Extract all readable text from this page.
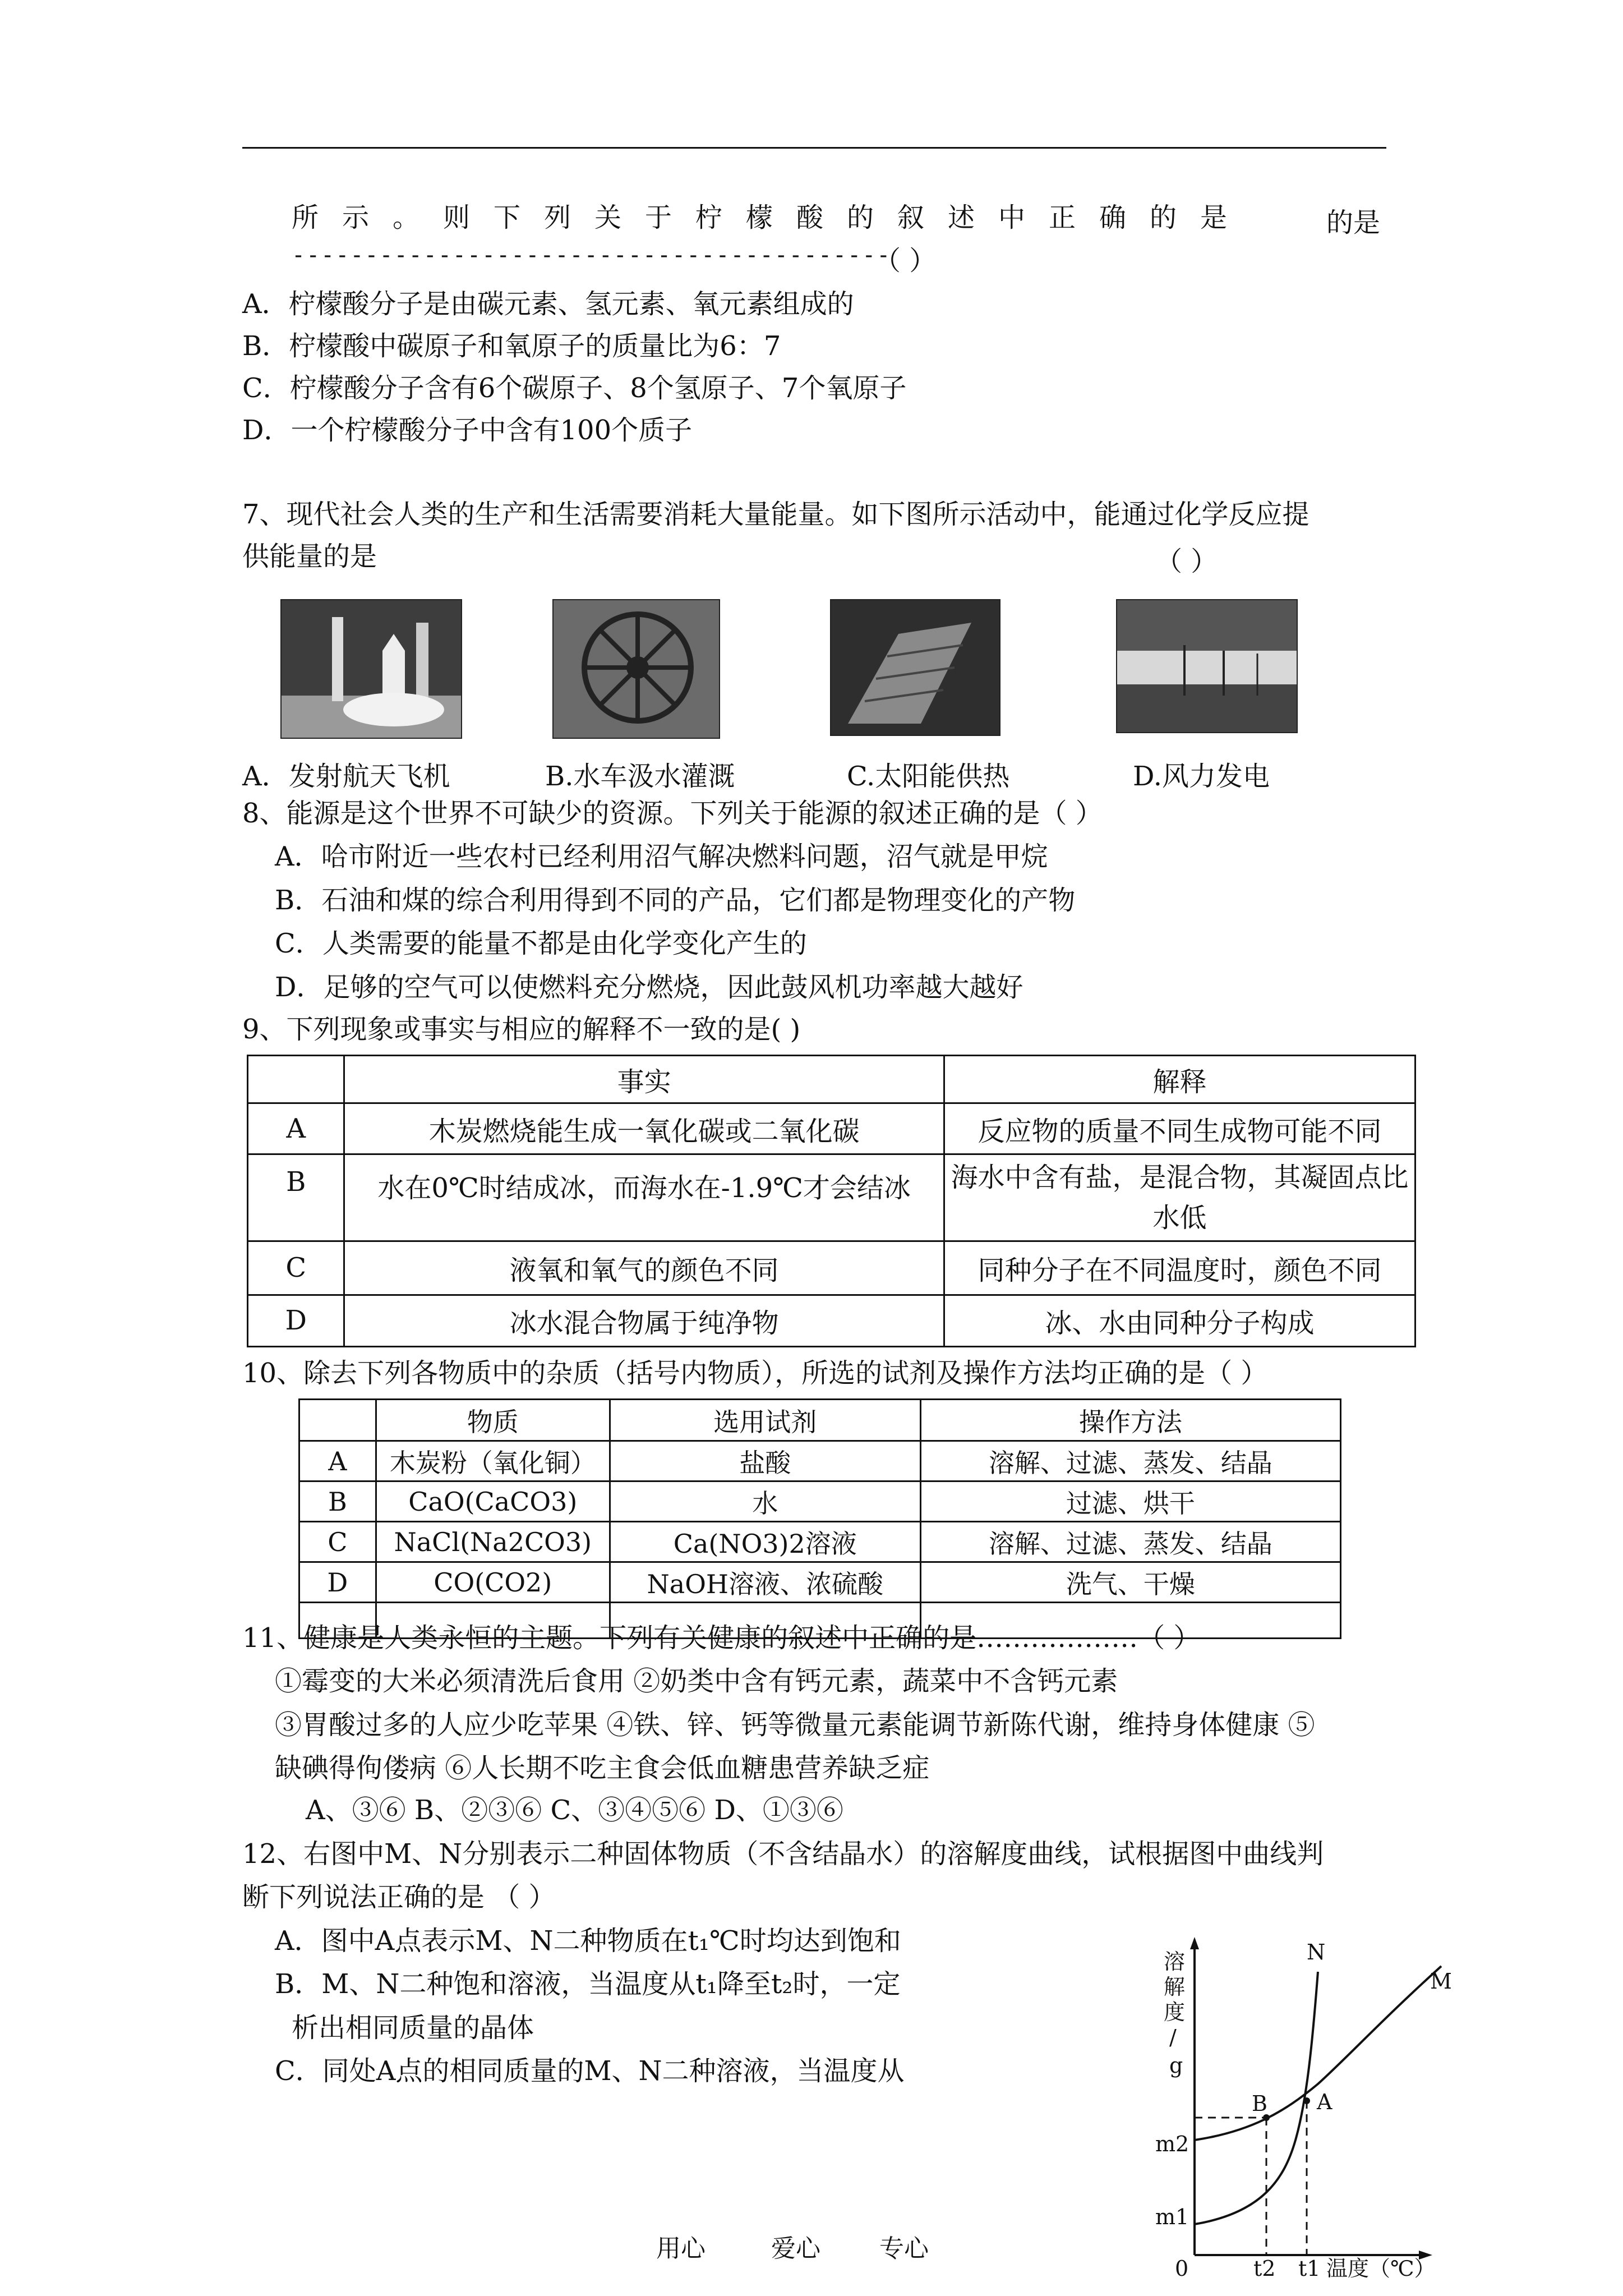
所示。则下列关于柠檬酸的叙述中正确的是	的是
-----------------------------------------
（ ）
A．柠檬酸分子是由碳元素、氢元素、氧元素组成的
B．柠檬酸中碳原子和氧原子的质量比为6：7
C．柠檬酸分子含有6个碳原子、8个氢原子、7个氧原子
D．一个柠檬酸分子中含有100个质子
7、现代社会人类的生产和生活需要消耗大量能量。如下图所示活动中，能通过化学反应提
供能量的是	（ ）
A．发射航天飞机	B.水车汲水灌溉	C.太阳能供热	D.风力发电
8、能源是这个世界不可缺少的资源。下列关于能源的叙述正确的是（ ）
A．哈市附近一些农村已经利用沼气解决燃料问题，沼气就是甲烷
B．石油和煤的综合利用得到不同的产品，它们都是物理变化的产物
C．人类需要的能量不都是由化学变化产生的
D．足够的空气可以使燃料充分燃烧，因此鼓风机功率越大越好
9、下列现象或事实与相应的解释不一致的是( )
	事实	解释
A	木炭燃烧能生成一氧化碳或二氧化碳	反应物的质量不同生成物可能不同
B	水在0℃时结成冰，而海水在-1.9℃才会结冰	海水中含有盐，是混合物，其凝固点比水低
C	液氧和氧气的颜色不同	同种分子在不同温度时，颜色不同
D	冰水混合物属于纯净物	冰、水由同种分子构成
10、除去下列各物质中的杂质（括号内物质），所选的试剂及操作方法均正确的是（ ）
	物质	选用试剂	操作方法
A	木炭粉（氧化铜）	盐酸	溶解、过滤、蒸发、结晶
B	CaO(CaCO3)	水	过滤、烘干
C	NaCl(Na2CO3)	Ca(NO3)2溶液	溶解、过滤、蒸发、结晶
D	CO(CO2)	NaOH溶液、浓硫酸	洗气、干燥

11、健康是人类永恒的主题。下列有关健康的叙述中正确的是………………（ ）
①霉变的大米必须清洗后食用 ②奶类中含有钙元素，蔬菜中不含钙元素
③胃酸过多的人应少吃苹果 ④铁、锌、钙等微量元素能调节新陈代谢，维持身体健康 ⑤
缺碘得佝偻病 ⑥人长期不吃主食会低血糖患营养缺乏症
A、③⑥ B、②③⑥ C、③④⑤⑥ D、①③⑥
12、右图中M、N分别表示二种固体物质（不含结晶水）的溶解度曲线，试根据图中曲线判
断下列说法正确的是 （ ）
A．图中A点表示M、N二种物质在t₁℃时均达到饱和
B．M、N二种饱和溶液，当温度从t₁降至t₂时，一定
析出相同质量的晶体
C．同处A点的相同质量的M、N二种溶液，当温度从
溶
解
度
/
g
m2
m1
0	t2 t1 温度（℃）
N
M
A
B
用心	爱心 专心
